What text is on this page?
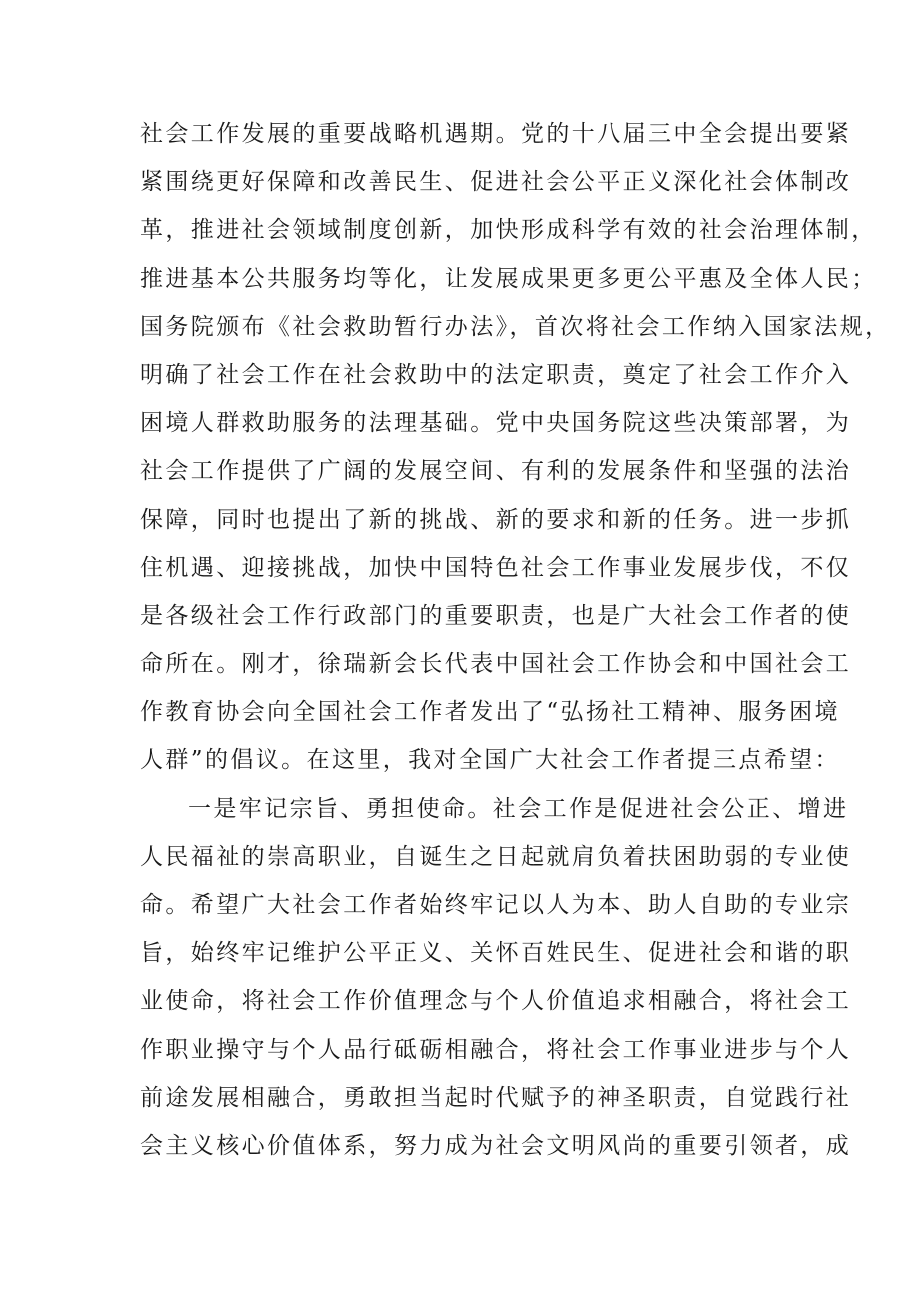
社会工作发展的重要战略机遇期。党的十八届三中全会提出要紧
紧围绕更好保障和改善民生、促进社会公平正义深化社会体制改
革，推进社会领域制度创新，加快形成科学有效的社会治理体制，
推进基本公共服务均等化，让发展成果更多更公平惠及全体人民；
国务院颁布《社会救助暂行办法》，首次将社会工作纳入国家法规，
明确了社会工作在社会救助中的法定职责，奠定了社会工作介入
困境人群救助服务的法理基础。党中央国务院这些决策部署，为
社会工作提供了广阔的发展空间、有利的发展条件和坚强的法治
保障，同时也提出了新的挑战、新的要求和新的任务。进一步抓
住机遇、迎接挑战，加快中国特色社会工作事业发展步伐，不仅
是各级社会工作行政部门的重要职责，也是广大社会工作者的使
命所在。刚才，徐瑞新会长代表中国社会工作协会和中国社会工
作教育协会向全国社会工作者发出了“弘扬社工精神、服务困境
人群”的倡议。在这里，我对全国广大社会工作者提三点希望：
一是牢记宗旨、勇担使命。社会工作是促进社会公正、增进
人民福祉的崇高职业，自诞生之日起就肩负着扶困助弱的专业使
命。希望广大社会工作者始终牢记以人为本、助人自助的专业宗
旨，始终牢记维护公平正义、关怀百姓民生、促进社会和谐的职
业使命，将社会工作价值理念与个人价值追求相融合，将社会工
作职业操守与个人品行砥砺相融合，将社会工作事业进步与个人
前途发展相融合，勇敢担当起时代赋予的神圣职责，自觉践行社
会主义核心价值体系，努力成为社会文明风尚的重要引领者，成
